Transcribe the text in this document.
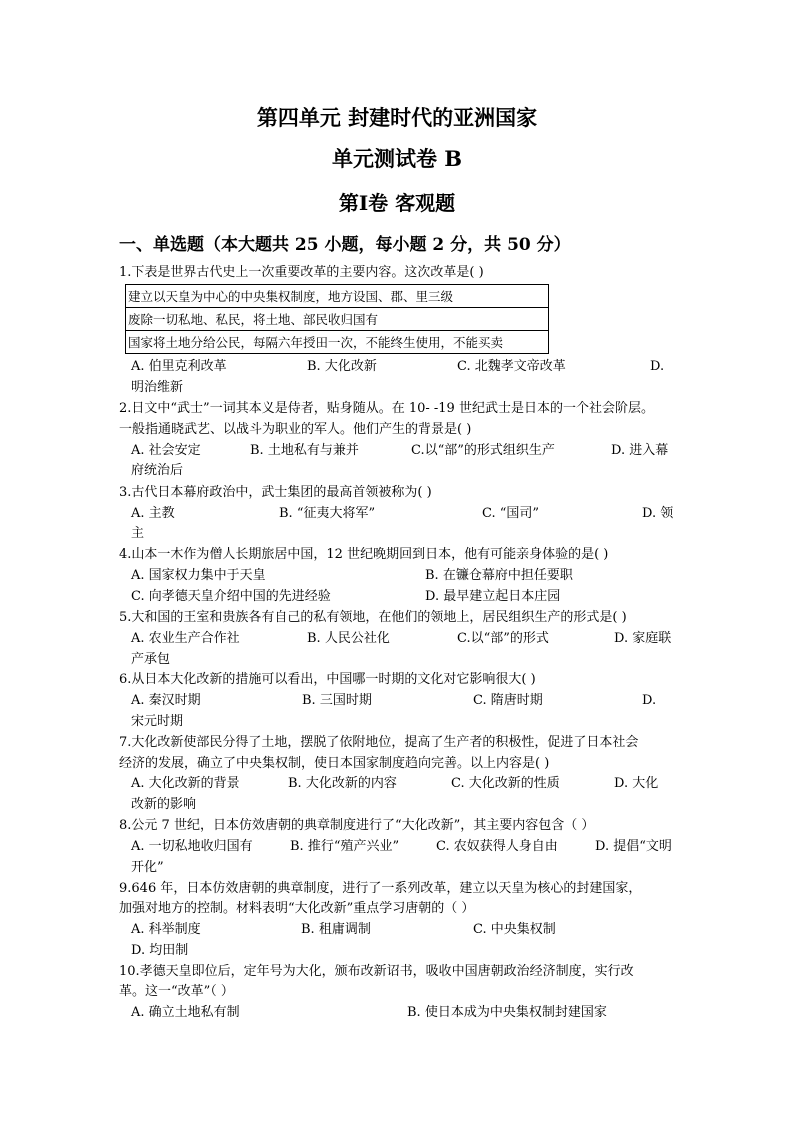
第四单元 封建时代的亚洲国家
单元测试卷 B
第Ⅰ卷 客观题
一、单选题（本大题共 25 小题，每小题 2 分，共 50 分）
1.下表是世界古代史上一次重要改革的主要内容。这次改革是( )
建立以天皇为中心的中央集权制度，地方设国、郡、里三级
废除一切私地、私民，将土地、部民收归国有
国家将土地分给公民，每隔六年授田一次，不能终生使用，不能买卖
A. 伯里克利改革	B. 大化改新	C. 北魏孝文帝改革	D.
明治维新
2.日文中“武士”一词其本义是侍者，贴身随从。在 10- -19 世纪武士是日本的一个社会阶层。
一般指通晓武艺、以战斗为职业的军人。他们产生的背景是( )
A. 社会安定	B. 土地私有与兼并	C.以“部”的形式组织生产	D. 进入幕
府统治后
3.古代日本幕府政治中，武士集团的最高首领被称为( )
A. 主教	B. “征夷大将军”	C. “国司”	D. 领
主
4.山本一木作为僧人长期旅居中国，12 世纪晚期回到日本，他有可能亲身体验的是( )
A. 国家权力集中于天皇	B. 在镰仓幕府中担任要职
C. 向孝德天皇介绍中国的先进经验	D. 最早建立起日本庄园
5.大和国的王室和贵族各有自己的私有领地，在他们的领地上，居民组织生产的形式是( )
A. 农业生产合作社	B. 人民公社化	C.以“部”的形式	D. 家庭联
产承包
6.从日本大化改新的措施可以看出，中国哪一时期的文化对它影响很大( )
A. 秦汉时期	B. 三国时期	C. 隋唐时期	D.
宋元时期
7.大化改新使部民分得了土地，摆脱了依附地位，提高了生产者的积极性，促进了日本社会
经济的发展，确立了中央集权制，使日本国家制度趋向完善。以上内容是( )
A. 大化改新的背景	B. 大化改新的内容	C. 大化改新的性质	D. 大化
改新的影响
8.公元 7 世纪，日本仿效唐朝的典章制度进行了“大化改新”，其主要内容包含（ ）
A. 一切私地收归国有	B. 推行“殖产兴业”	C. 农奴获得人身自由	D. 提倡“文明
开化”
9.646 年，日本仿效唐朝的典章制度，进行了一系列改革，建立以天皇为核心的封建国家，
加强对地方的控制。材料表明“大化改新”重点学习唐朝的（ ）
A. 科举制度	B. 租庸调制	C. 中央集权制
D. 均田制
10.孝德天皇即位后，定年号为大化，颁布改新诏书，吸收中国唐朝政治经济制度，实行改
革。这一“改革”（ ）
A. 确立土地私有制	B. 使日本成为中央集权制封建国家
